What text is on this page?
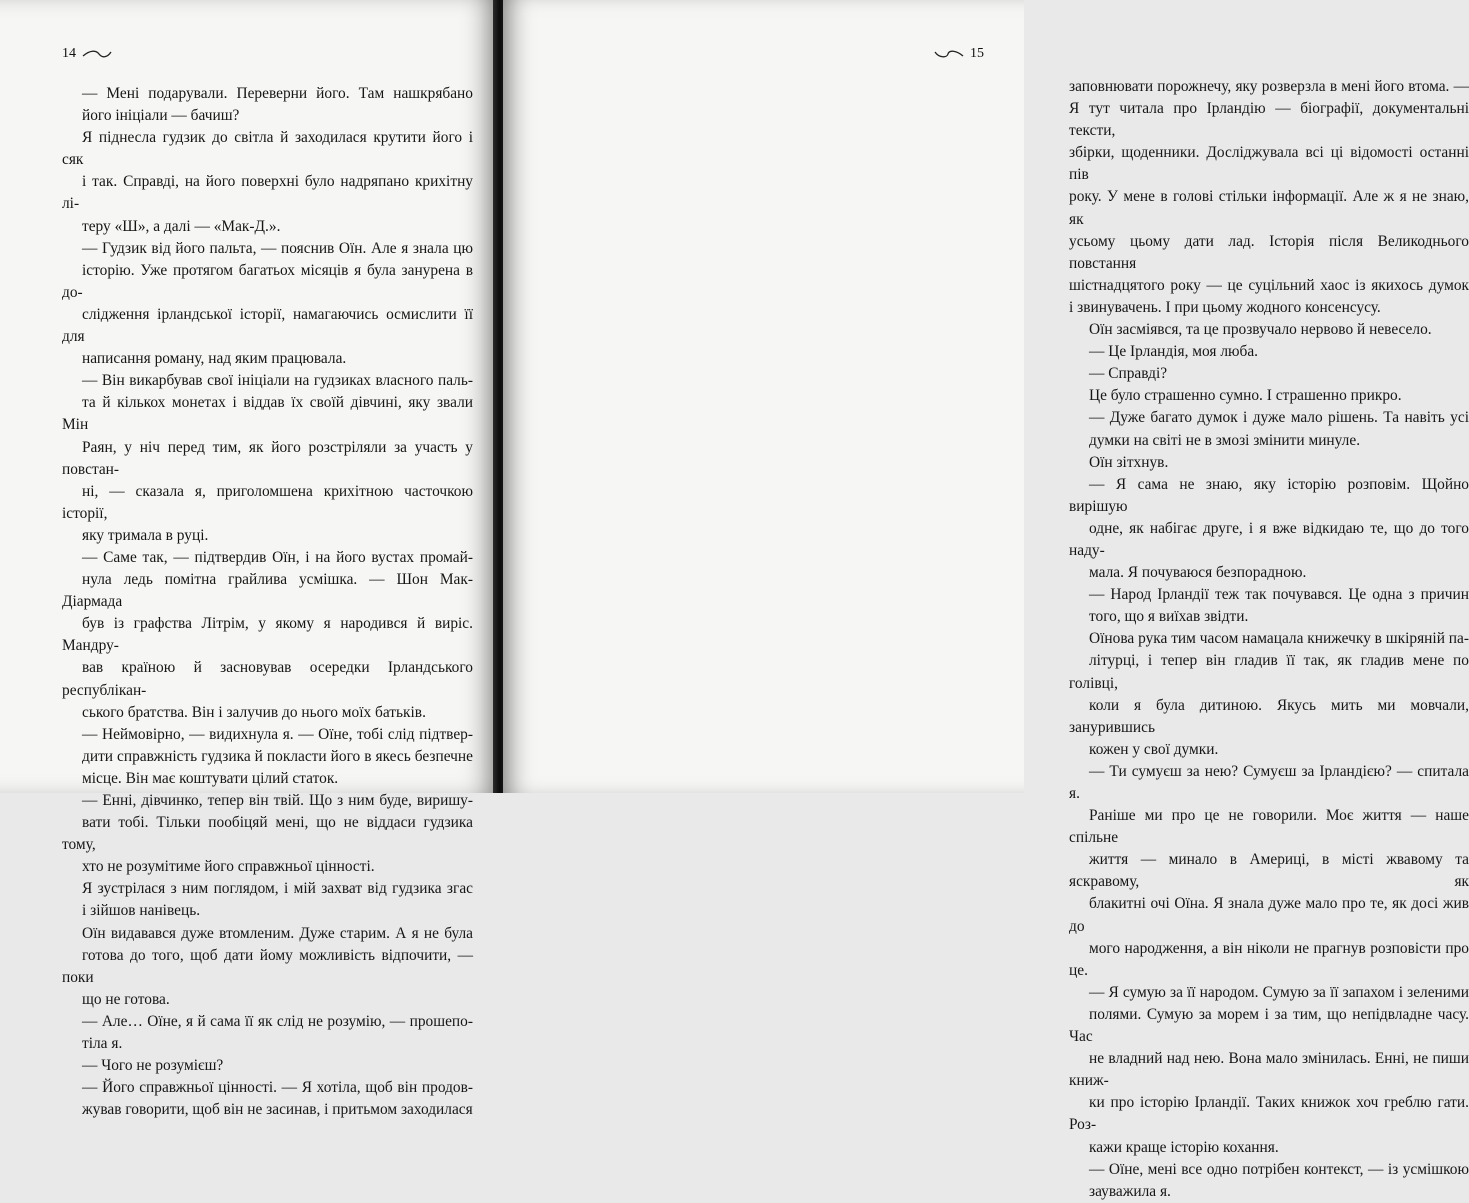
14

— Мені подарували. Переверни його. Там нашкрябано
його ініціали — бачиш?

Я піднесла гудзик до світла й заходилася крутити його і сяк
і так. Справді, на його поверхні було надряпано крихітну лі-
теру «Ш», а далі — «Мак-Д.».

— Гудзик від його пальта, — пояснив Оїн. Але я знала цю
історію. Уже протягом багатьох місяців я була занурена в до-
слідження ірландської історії, намагаючись осмислити її для
написання роману, над яким працювала.

— Він викарбував свої ініціали на гудзиках власного паль-
та й кількох монетах і віддав їх своїй дівчині, яку звали Мін
Раян, у ніч перед тим, як його розстріляли за участь у повстан-
ні, — сказала я, приголомшена крихітною часточкою історії,
яку тримала в руці.

— Саме так, — підтвердив Оїн, і на його вустах промай-
нула ледь помітна грайлива усмішка. — Шон Мак-Діармада
був із графства Літрім, у якому я народився й виріс. Мандру-
вав країною й засновував осередки Ірландського республікан-
ського братства. Він і залучив до нього моїх батьків.

— Неймовірно, — видихнула я. — Оїне, тобі слід підтвер-
дити справжність гудзика й покласти його в якесь безпечне
місце. Він має коштувати цілий статок.

— Енні, дівчинко, тепер він твій. Що з ним буде, виришу-
вати тобі. Тільки пообіцяй мені, що не віддаси гудзика тому,
хто не розумітиме його справжньої цінності.

Я зустрілася з ним поглядом, і мій захват від гудзика згас
і зійшов нанівець.

Оїн видавався дуже втомленим. Дуже старим. А я не була
готова до того, щоб дати йому можливість відпочити, — поки
що не готова.

— Але… Оїне, я й сама її як слід не розумію, — прошепо-
тіла я.

— Чого не розумієш?

— Його справжньої цінності. — Я хотіла, щоб він продов-
жував говорити, щоб він не засинав, і притьмом заходилася

15

заповнювати порожнечу, яку розверзла в мені його втома. —
Я тут читала про Ірландію — біографії, документальні тексти,
збірки, щоденники. Досліджувала всі ці відомості останні пів
року. У мене в голові стільки інформації. Але ж я не знаю, як
усьому цьому дати лад. Історія після Великоднього повстання
шістнадцятого року — це суцільний хаос із якихось думок
і звинувачень. І при цьому жодного консенсусу.

Оїн засміявся, та це прозвучало нервово й невесело.

— Це Ірландія, моя люба.

— Справді?

Це було страшенно сумно. І страшенно прикро.

— Дуже багато думок і дуже мало рішень. Та навіть усі
думки на світі не в змозі змінити минуле.

Оїн зітхнув.

— Я сама не знаю, яку історію розповім. Щойно вирішую
одне, як набігає друге, і я вже відкидаю те, що до того наду-
мала. Я почуваюся безпорадною.

— Народ Ірландії теж так почувався. Це одна з причин
того, що я виїхав звідти.

Оїнова рука тим часом намацала книжечку в шкіряній па-
літурці, і тепер він гладив її так, як гладив мене по голівці,
коли я була дитиною. Якусь мить ми мовчали, занурившись
кожен у свої думки.

— Ти сумуєш за нею? Сумуєш за Ірландією? — спитала я.

Раніше ми про це не говорили. Моє життя — наше спільне
життя — минало в Америці, в місті жвавому та яскравому, як
блакитні очі Оїна. Я знала дуже мало про те, як досі жив до
мого народження, а він ніколи не прагнув розповісти про це.

— Я сумую за її народом. Сумую за її запахом і зеленими
полями. Сумую за морем і за тим, що непідвладне часу. Час
не владний над нею. Вона мало змінилась. Енні, не пиши книж-
ки про історію Ірландії. Таких книжок хоч греблю гати. Роз-
кажи краще історію кохання.

— Оїне, мені все одно потрібен контекст, — із усмішкою
зауважила я.
